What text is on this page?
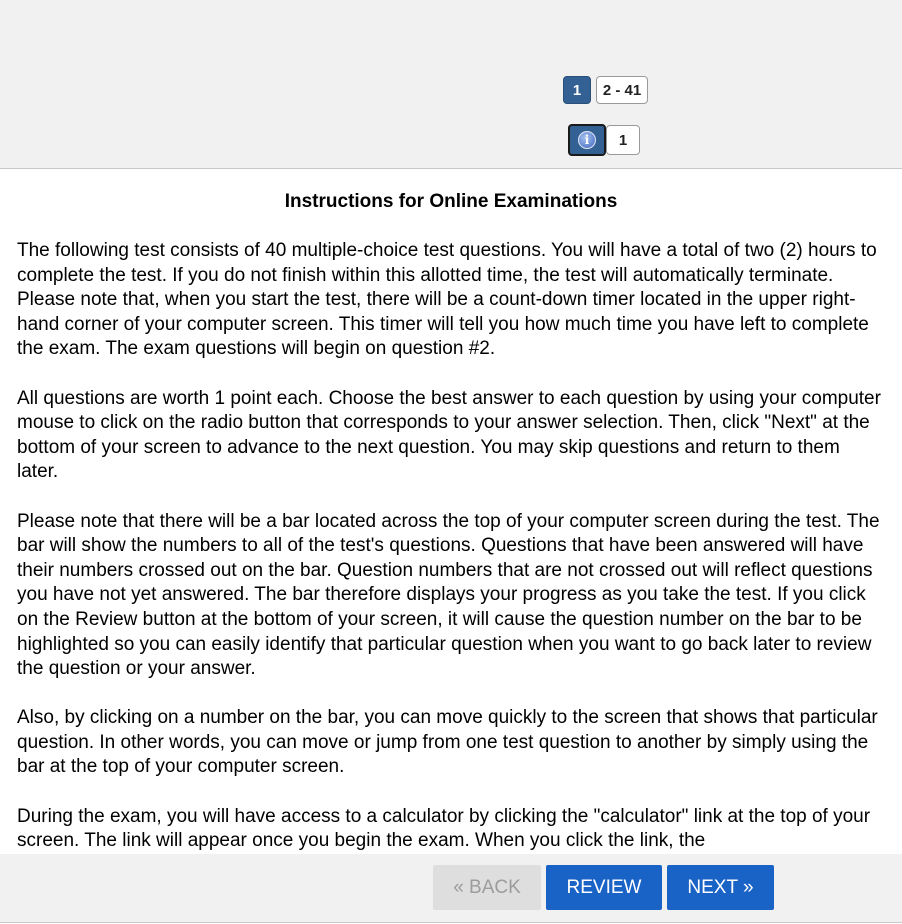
1	2 - 41
i	1
Instructions for Online Examinations

The following test consists of 40 multiple-choice test questions. You will have a total of two (2) hours to complete the test. If you do not finish within this allotted time, the test will automatically terminate. Please note that, when you start the test, there will be a count-down timer located in the upper right-hand corner of your computer screen. This timer will tell you how much time you have left to complete the exam. The exam questions will begin on question #2.

All questions are worth 1 point each. Choose the best answer to each question by using your computer mouse to click on the radio button that corresponds to your answer selection. Then, click "Next" at the bottom of your screen to advance to the next question. You may skip questions and return to them later.

Please note that there will be a bar located across the top of your computer screen during the test. The bar will show the numbers to all of the test's questions. Questions that have been answered will have their numbers crossed out on the bar. Question numbers that are not crossed out will reflect questions you have not yet answered. The bar therefore displays your progress as you take the test. If you click on the Review button at the bottom of your screen, it will cause the question number on the bar to be highlighted so you can easily identify that particular question when you want to go back later to review the question or your answer.

Also, by clicking on a number on the bar, you can move quickly to the screen that shows that particular question. In other words, you can move or jump from one test question to another by simply using the bar at the top of your computer screen.

During the exam, you will have access to a calculator by clicking the "calculator" link at the top of your screen. The link will appear once you begin the exam. When you click the link, the

« BACK	REVIEW	NEXT »
